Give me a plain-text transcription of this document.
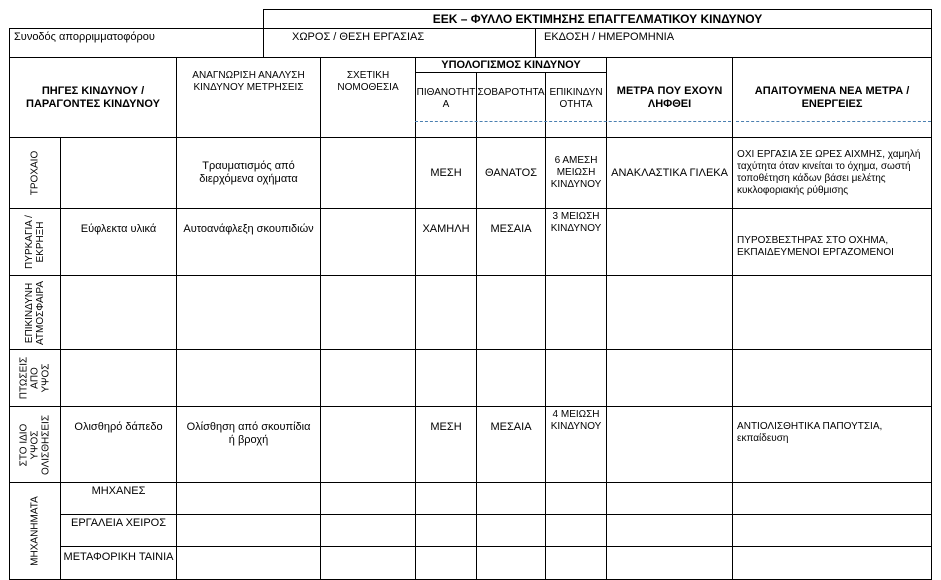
	ΕΕΚ – ΦΥΛΛΟ ΕΚΤΙΜΗΣΗΣ ΕΠΑΓΓΕΛΜΑΤΙΚΟΥ ΚΙΝΔΥΝΟΥ	
Συνοδός απορριμματοφόρου	ΧΩΡΟΣ / ΘΕΣΗ ΕΡΓΑΣΙΑΣ	ΕΚΔΟΣΗ / ΗΜΕΡΟΜΗΝΙΑ
ΠΗΓΕΣ ΚΙΝΔΥΝΟΥ /ΠΑΡΑΓΟΝΤΕΣ ΚΙΝΔΥΝΟΥ		ΑΝΑΓΝΩΡΙΣΗ ΑΝΑΛΥΣΗ ΚΙΝΔΥΝΟΥ ΜΕΤΡΗΣΕΙΣ	ΣΧΕΤΙΚΗ ΝΟΜΟΘΕΣΙΑ	ΥΠΟΛΟΓΙΣΜΟΣ ΚΙΝΔΥΝΟΥ			ΜΕΤΡΑ ΠΟΥ ΕΧΟΥΝ ΛΗΦΘΕΙ	ΑΠΑΙΤΟΥΜΕΝΑ ΝΕΑ ΜΕΤΡΑ / ΕΝΕΡΓΕΙΕΣ
				ΠΙΘΑΝΟΤΗΤΑ	ΣΟΒΑΡΟΤΗΤΑ	ΕΠΙΚΙΝΔΥΝΟΤΗΤΑ		

ΤΡΟΧΑΙΟ		Τραυματισμός από διερχόμενα οχήματα		ΜΕΣΗ	ΘΑΝΑΤΟΣ	6 ΑΜΕΣΗ ΜΕΙΩΣΗ ΚΙΝΔΥΝΟΥ	ΑΝΑΚΛΑΣΤΙΚΑ ΓΙΛΕΚΑ	ΟΧΙ ΕΡΓΑΣΙΑ ΣΕ ΩΡΕΣ ΑΙΧΜΗΣ, χαμηλή ταχύτητα όταν κινείται το όχημα, σωστή τοποθέτηση κάδων βάσει μελέτης κυκλοφοριακής ρύθμισης

ΠΥΡΚΑΓΙΑ / ΕΚΡΗΞΗ	Εύφλεκτα υλικά	Αυτοανάφλεξη σκουπιδιών		ΧΑΜΗΛΗ	ΜΕΣΑΙΑ	3 ΜΕΙΩΣΗ ΚΙΝΔΥΝΟΥ		ΠΥΡΟΣΒΕΣΤΗΡΑΣ ΣΤΟ ΟΧΗΜΑ, ΕΚΠΑΙΔΕΥΜΕΝΟΙ ΕΡΓΑΖΟΜΕΝΟΙ

ΕΠΙΚΙΝΔΥΝΗ ΑΤΜΟΣΦΑΙΡΑ								

ΠΤΩΣΕΙΣ ΑΠΟ ΥΨΟΣ								

ΣΤΟ ΙΔΙΟ ΥΨΟΣ ΟΛΙΣΘΗΣΕΙΣ	Ολισθηρό δάπεδο	Ολίσθηση από σκουπίδια ή βροχή		ΜΕΣΗ	ΜΕΣΑΙΑ	4 ΜΕΙΩΣΗ ΚΙΝΔΥΝΟΥ		ΑΝΤΙΟΛΙΣΘΗΤΙΚΑ ΠΑΠΟΥΤΣΙΑ, εκπαίδευση

ΜΗΧΑΝΗΜΑΤΑ	ΜΗΧΑΝΕΣ							
	ΕΡΓΑΛΕΙΑ ΧΕΙΡΟΣ							
	ΜΕΤΑΦΟΡΙΚΗ ΤΑΙΝΙΑ							
